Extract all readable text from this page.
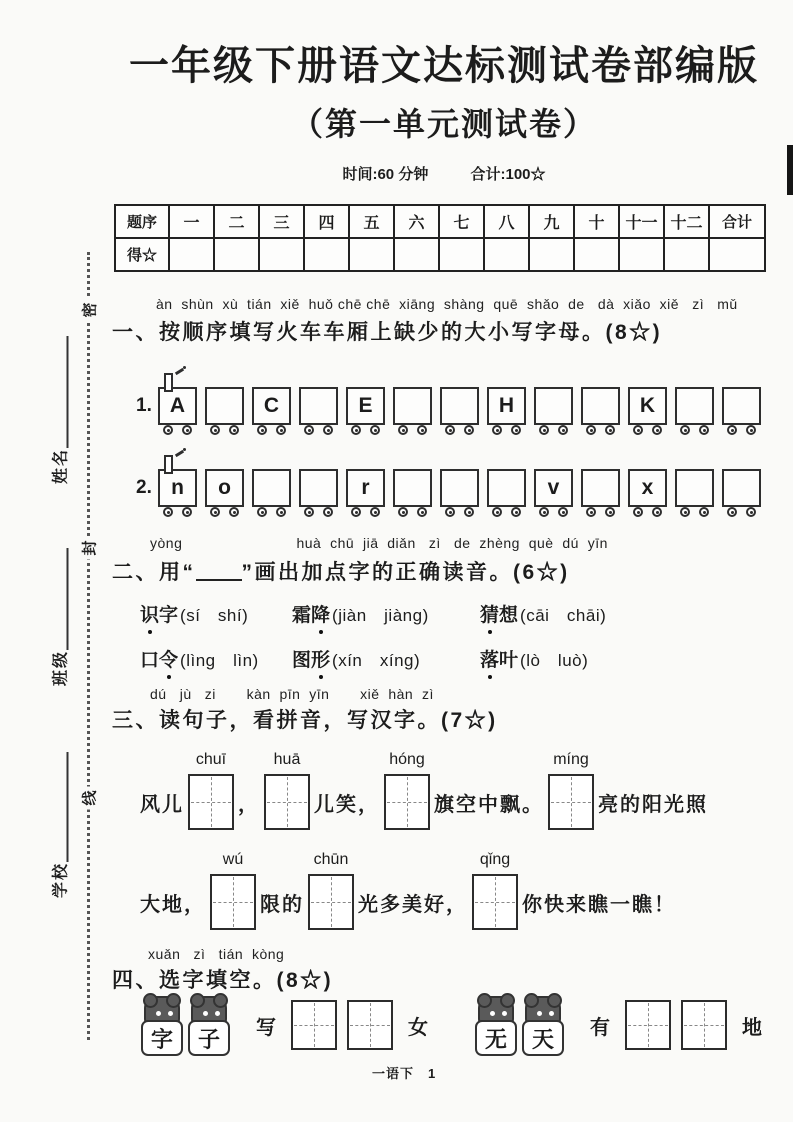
一年级下册语文达标测试卷部编版
（第一单元测试卷）
时间:60 分钟	合计:100☆
题序	一	二	三	四	五	六	七	八	九	十	十一	十二	合计
得☆													
密
封
线
姓名
班级
学校
àn  shùn  xù  tián  xiě  huǒ chē chē  xiāng  shàng  quē  shǎo  de   dà  xiǎo  xiě   zì   mǔ
一、按顺序填写火车车厢上缺少的大小写字母。(8☆)
1. A	C	E	H	K
2. n o	r	v	x
yòng                          huà  chū  jiā  diǎn   zì   de  zhèng  què  dú  yīn
二、用“ ”画出加点字的正确读音。(6☆)
识字 (sí　shí)	霜降 (jiàn　jiàng)	猜想 (cāi　chāi)
口令 (lìng　lìn)	图形 (xín　xíng)	落叶 (lò　luò)
dú   jù   zi       kàn  pīn  yīn       xiě  hàn  zì
三、读句子，看拼音，写汉字。(7☆)
风儿
chuī
，
huā
儿笑，
hóng
旗空中飘。
míng
亮的阳光照
大地，
wú
限的
chūn
光多美好，
qǐng
你快来瞧一瞧！
xuǎn   zì   tián  kòng
四、选字填空。(8☆)
字	子	写	女	无	天	有	地
一语下　1
